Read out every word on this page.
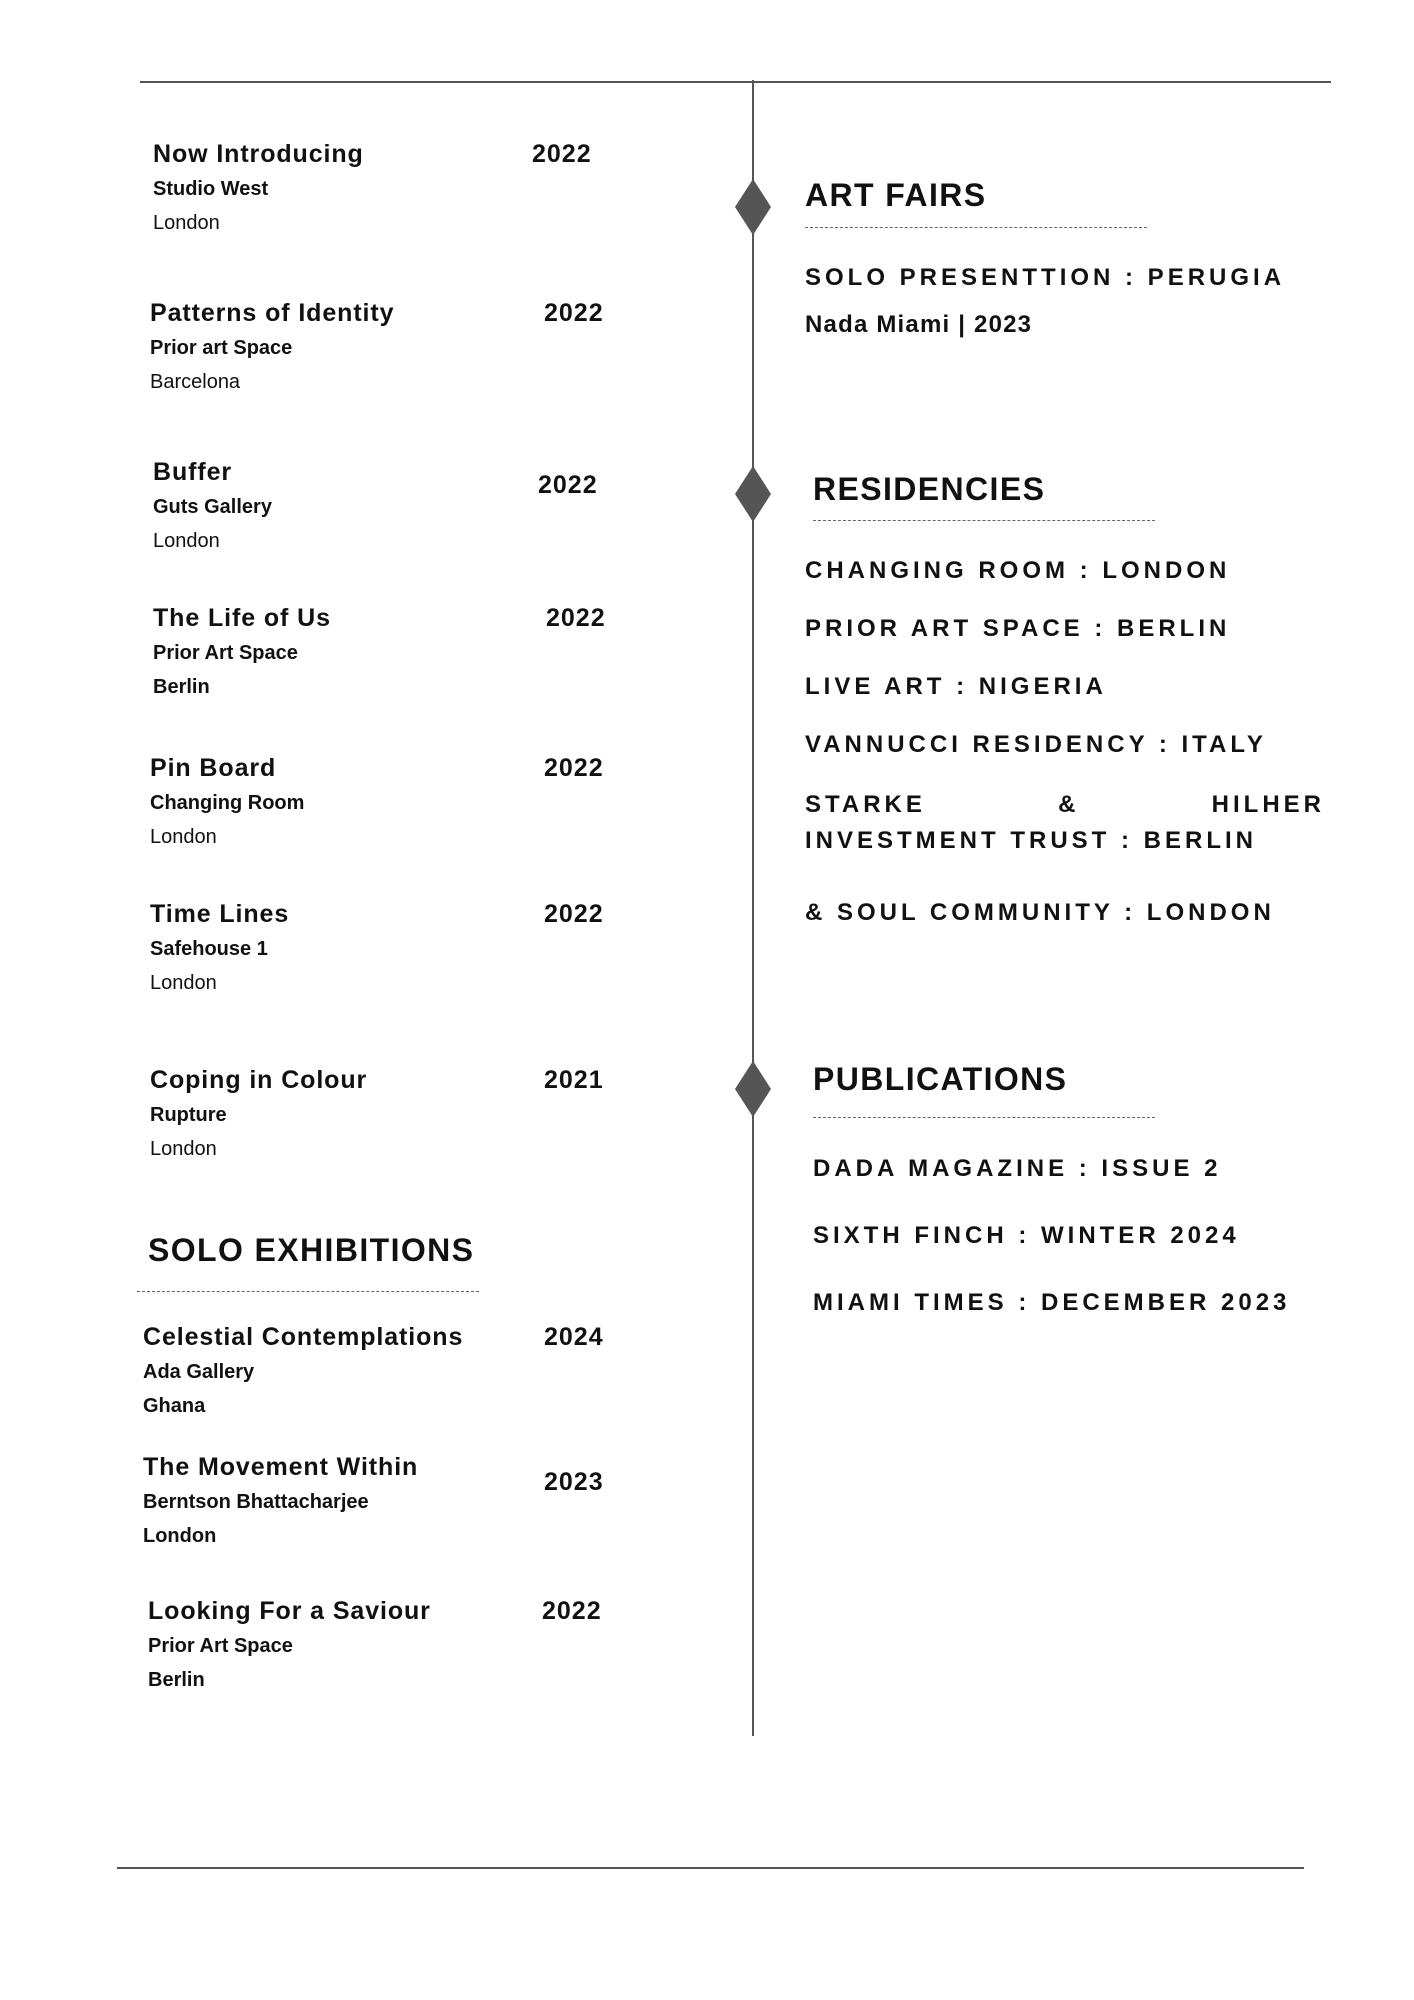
Now Introducing
Studio West
London
2022
Patterns of Identity
Prior art Space
Barcelona
2022
Buffer
Guts Gallery
London
2022
The Life of Us
Prior Art Space
Berlin
2022
Pin Board
Changing Room
London
2022
Time Lines
Safehouse 1
London
2022
Coping in Colour
Rupture
London
2021
SOLO EXHIBITIONS
Celestial Contemplations
Ada Gallery
Ghana
2024
The Movement Within
Berntson Bhattacharjee
London
2023
Looking For a Saviour
Prior Art Space
Berlin
2022
ART FAIRS
SOLO PRESENTTION : PERUGIA
Nada Miami | 2023
RESIDENCIES
CHANGING ROOM : LONDON
PRIOR ART SPACE : BERLIN
LIVE ART : NIGERIA
VANNUCCI RESIDENCY : ITALY
STARKE	&	HILHER
INVESTMENT TRUST : BERLIN
& SOUL COMMUNITY : LONDON
PUBLICATIONS
DADA MAGAZINE : ISSUE 2
SIXTH FINCH : WINTER 2024
MIAMI TIMES : DECEMBER 2023
